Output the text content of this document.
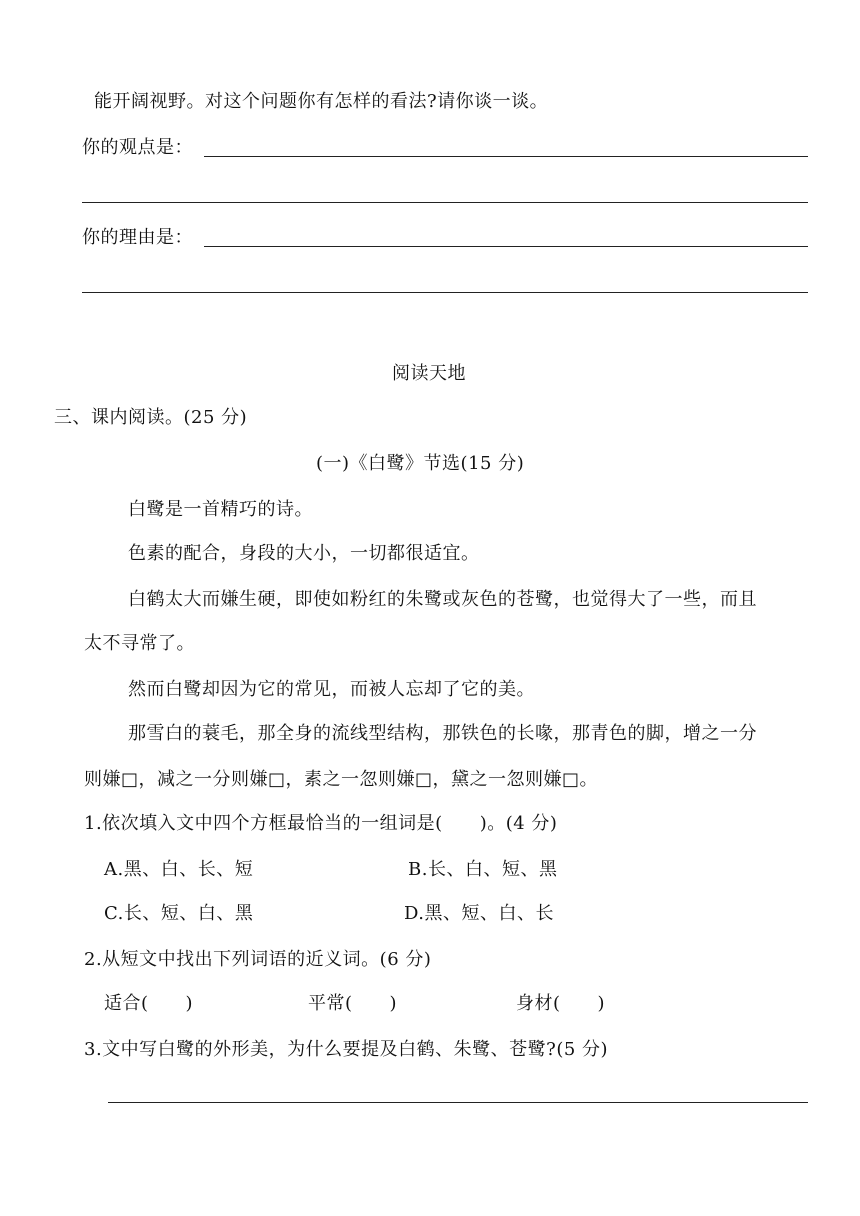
能开阔视野。对这个问题你有怎样的看法?请你谈一谈。
你的观点是：
你的理由是：
阅读天地
三、课内阅读。(25 分)
(一)《白鹭》节选(15 分)
白鹭是一首精巧的诗。
色素的配合，身段的大小，一切都很适宜。
白鹤太大而嫌生硬，即使如粉红的朱鹭或灰色的苍鹭，也觉得大了一些，而且
太不寻常了。
然而白鹭却因为它的常见，而被人忘却了它的美。
那雪白的蓑毛，那全身的流线型结构，那铁色的长喙，那青色的脚，增之一分
则嫌□，减之一分则嫌□，素之一忽则嫌□，黛之一忽则嫌□。
1.依次填入文中四个方框最恰当的一组词是(　　)。(4 分)
A.黑、白、长、短	B.长、白、短、黑
C.长、短、白、黑	D.黑、短、白、长
2.从短文中找出下列词语的近义词。(6 分)
适合(　　)	平常(　　)	身材(　　)
3.文中写白鹭的外形美，为什么要提及白鹤、朱鹭、苍鹭?(5 分)
